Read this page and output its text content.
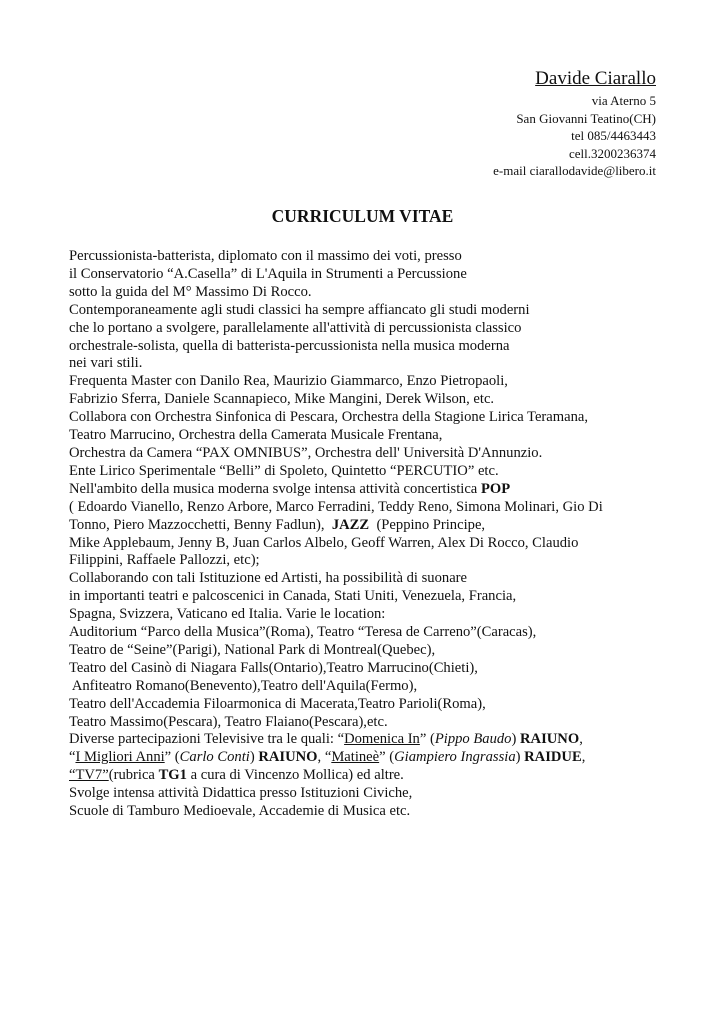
Davide Ciarallo
via Aterno 5
San Giovanni Teatino(CH)
tel 085/4463443
cell.3200236374
e-mail ciarallodavide@libero.it
CURRICULUM VITAE
Percussionista-batterista, diplomato con il massimo dei voti, presso
il Conservatorio “A.Casella” di L'Aquila in Strumenti a Percussione
sotto la guida del M° Massimo Di Rocco.
Contemporaneamente agli studi classici ha sempre affiancato gli studi moderni
che lo portano a svolgere, parallelamente all'attività di percussionista classico
orchestrale-solista, quella di batterista-percussionista nella musica moderna
nei vari stili.
Frequenta Master con Danilo Rea, Maurizio Giammarco, Enzo Pietropaoli,
Fabrizio Sferra, Daniele Scannapieco, Mike Mangini, Derek Wilson, etc.
Collabora con Orchestra Sinfonica di Pescara, Orchestra della Stagione Lirica Teramana,
Teatro Marrucino, Orchestra della Camerata Musicale Frentana,
Orchestra da Camera “PAX OMNIBUS”, Orchestra dell' Università D'Annunzio.
Ente Lirico Sperimentale “Belli” di Spoleto, Quintetto “PERCUTIO” etc.
Nell'ambito della musica moderna svolge intensa attività concertistica POP
( Edoardo Vianello, Renzo Arbore, Marco Ferradini, Teddy Reno, Simona Molinari, Gio Di
Tonno, Piero Mazzocchetti, Benny Fadlun),  JAZZ  (Peppino Principe,
Mike Applebaum, Jenny B, Juan Carlos Albelo, Geoff Warren, Alex Di Rocco, Claudio
Filippini, Raffaele Pallozzi, etc);
Collaborando con tali Istituzione ed Artisti, ha possibilità di suonare
in importanti teatri e palcoscenici in Canada, Stati Uniti, Venezuela, Francia,
Spagna, Svizzera, Vaticano ed Italia. Varie le location:
Auditorium “Parco della Musica”(Roma), Teatro “Teresa de Carreno”(Caracas),
Teatro de “Seine”(Parigi), National Park di Montreal(Quebec),
Teatro del Casinò di Niagara Falls(Ontario),Teatro Marrucino(Chieti),
Anfiteatro Romano(Benevento),Teatro dell'Aquila(Fermo),
Teatro dell'Accademia Filoarmonica di Macerata,Teatro Parioli(Roma),
Teatro Massimo(Pescara), Teatro Flaiano(Pescara),etc.
Diverse partecipazioni Televisive tra le quali: “Domenica In” (Pippo Baudo) RAIUNO,
“I Migliori Anni” (Carlo Conti) RAIUNO, “Matineè” (Giampiero Ingrassia) RAIDUE,
“TV7”(rubrica TG1 a cura di Vincenzo Mollica) ed altre.
Svolge intensa attività Didattica presso Istituzioni Civiche,
Scuole di Tamburo Medioevale, Accademie di Musica etc.
